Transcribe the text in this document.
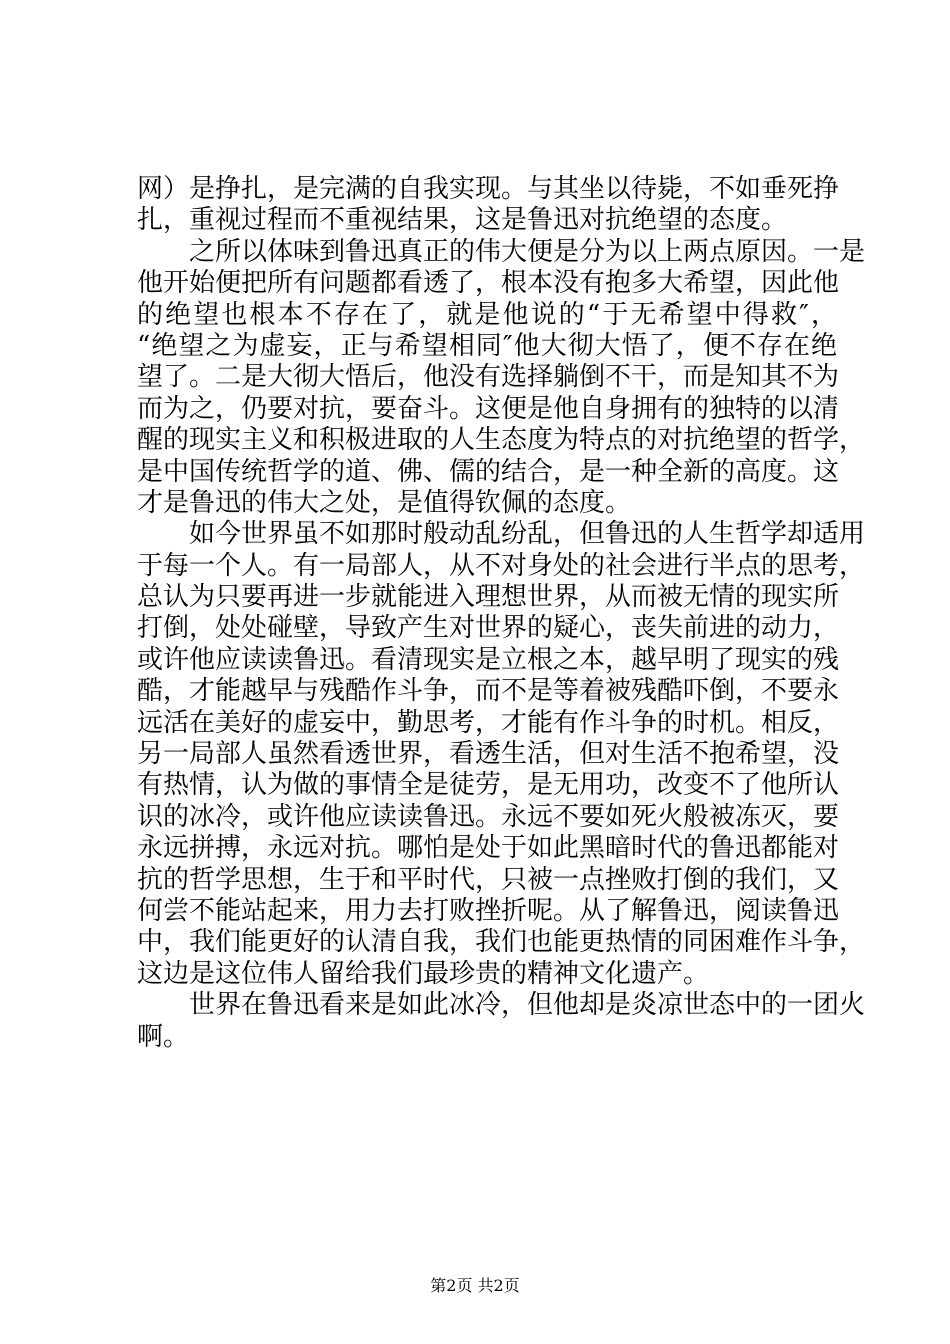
网）是挣扎，是完满的自我实现。与其坐以待毙，不如垂死挣
扎，重视过程而不重视结果，这是鲁迅对抗绝望的态度。
　　之所以体味到鲁迅真正的伟大便是分为以上两点原因。一是
他开始便把所有问题都看透了，根本没有抱多大希望，因此他
的绝望也根本不存在了，就是他说的“于无希望中得救″，
“绝望之为虚妄，正与希望相同″他大彻大悟了，便不存在绝
望了。二是大彻大悟后，他没有选择躺倒不干，而是知其不为
而为之，仍要对抗，要奋斗。这便是他自身拥有的独特的以清
醒的现实主义和积极进取的人生态度为特点的对抗绝望的哲学，
是中国传统哲学的道、佛、儒的结合，是一种全新的高度。这
才是鲁迅的伟大之处，是值得钦佩的态度。
　　如今世界虽不如那时般动乱纷乱，但鲁迅的人生哲学却适用
于每一个人。有一局部人，从不对身处的社会进行半点的思考，
总认为只要再进一步就能进入理想世界，从而被无情的现实所
打倒，处处碰壁，导致产生对世界的疑心，丧失前进的动力，
或许他应读读鲁迅。看清现实是立根之本，越早明了现实的残
酷，才能越早与残酷作斗争，而不是等着被残酷吓倒，不要永
远活在美好的虚妄中，勤思考，才能有作斗争的时机。相反，
另一局部人虽然看透世界，看透生活，但对生活不抱希望，没
有热情，认为做的事情全是徒劳，是无用功，改变不了他所认
识的冰冷，或许他应读读鲁迅。永远不要如死火般被冻灭，要
永远拼搏，永远对抗。哪怕是处于如此黑暗时代的鲁迅都能对
抗的哲学思想，生于和平时代，只被一点挫败打倒的我们，又
何尝不能站起来，用力去打败挫折呢。从了解鲁迅，阅读鲁迅
中，我们能更好的认清自我，我们也能更热情的同困难作斗争，
这边是这位伟人留给我们最珍贵的精神文化遗产。
　　世界在鲁迅看来是如此冰冷，但他却是炎凉世态中的一团火
啊。
第2页 共2页
